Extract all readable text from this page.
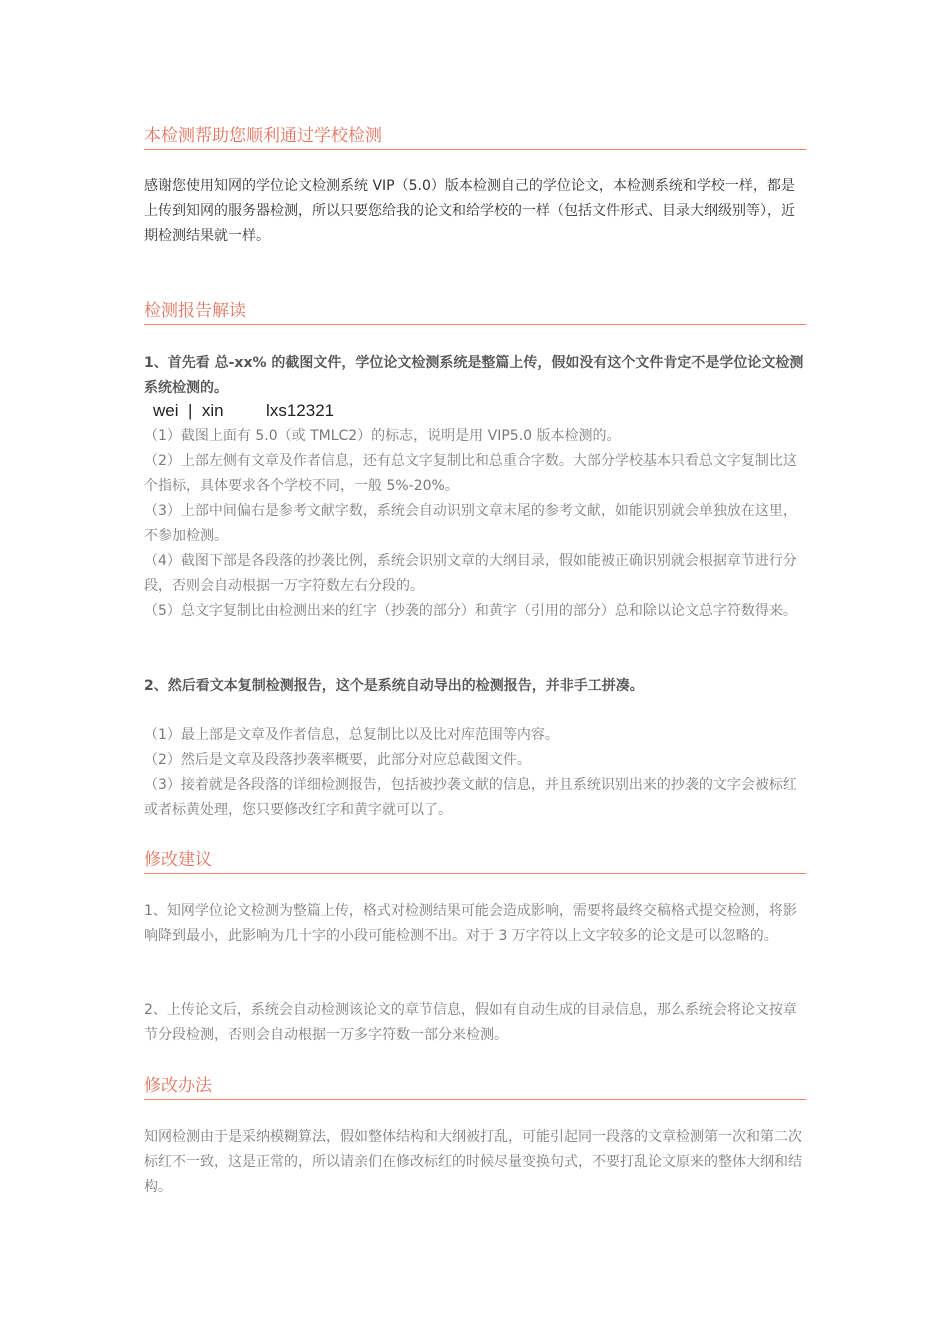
本检测帮助您顺利通过学校检测

感谢您使用知网的学位论文检测系统 VIP（5.0）版本检测自己的学位论文，本检测系统和学校一样，都是上传到知网的服务器检测，所以只要您给我的论文和给学校的一样（包括文件形式、目录大纲级别等），近期检测结果就一样。

检测报告解读

1、首先看 总-xx% 的截图文件，学位论文检测系统是整篇上传，假如没有这个文件肯定不是学位论文检测系统检测的。

wei  |  xin         lxs12321

（1）截图上面有 5.0（或 TMLC2）的标志，说明是用 VIP5.0 版本检测的。

（2）上部左侧有文章及作者信息，还有总文字复制比和总重合字数。大部分学校基本只看总文字复制比这个指标，具体要求各个学校不同，一般 5%-20%。

（3）上部中间偏右是参考文献字数，系统会自动识别文章末尾的参考文献，如能识别就会单独放在这里，不参加检测。

（4）截图下部是各段落的抄袭比例，系统会识别文章的大纲目录，假如能被正确识别就会根据章节进行分段，否则会自动根据一万字符数左右分段的。

（5）总文字复制比由检测出来的红字（抄袭的部分）和黄字（引用的部分）总和除以论文总字符数得来。

2、然后看文本复制检测报告，这个是系统自动导出的检测报告，并非手工拼凑。

（1）最上部是文章及作者信息，总复制比以及比对库范围等内容。

（2）然后是文章及段落抄袭率概要，此部分对应总截图文件。

（3）接着就是各段落的详细检测报告，包括被抄袭文献的信息，并且系统识别出来的抄袭的文字会被标红或者标黄处理，您只要修改红字和黄字就可以了。

修改建议

1、知网学位论文检测为整篇上传，格式对检测结果可能会造成影响，需要将最终交稿格式提交检测，将影响降到最小，此影响为几十字的小段可能检测不出。对于 3 万字符以上文字较多的论文是可以忽略的。

2、上传论文后，系统会自动检测该论文的章节信息，假如有自动生成的目录信息，那么系统会将论文按章节分段检测，否则会自动根据一万多字符数一部分来检测。

修改办法

知网检测由于是采纳模糊算法，假如整体结构和大纲被打乱，可能引起同一段落的文章检测第一次和第二次标红不一致，这是正常的，所以请亲们在修改标红的时候尽量变换句式，不要打乱论文原来的整体大纲和结构。
